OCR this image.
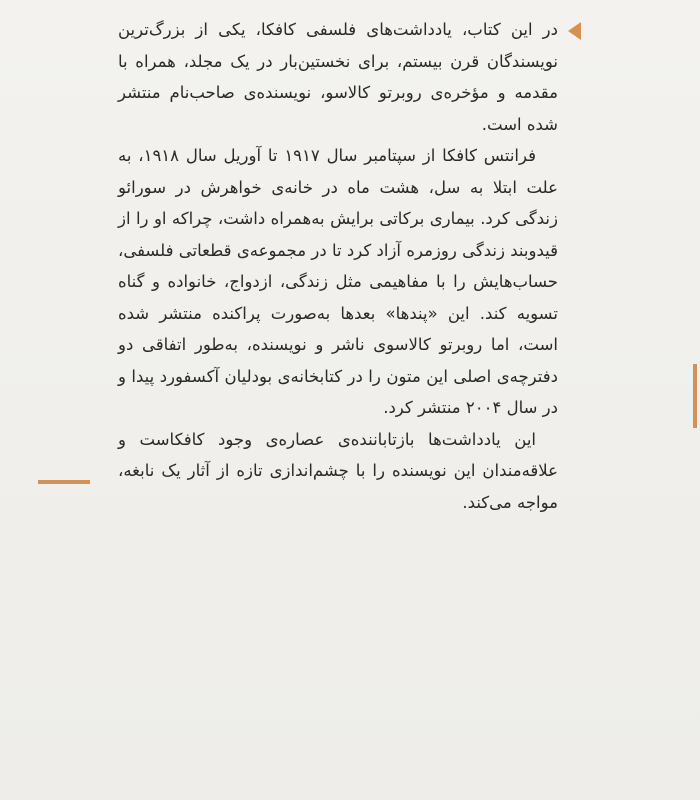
در این کتاب، یادداشت‌های فلسفی کافکا، یکی از بزرگ‌ترین نویسندگان قرن بیستم، برای نخستین‌بار در یک مجلد، همراه با مقدمه و مؤخره‌ی روبرتو کالاسو، نویسنده‌ی صاحب‌نام منتشر شده است.

فرانتس کافکا از سپتامبر سال ۱۹۱۷ تا آوریل سال ۱۹۱۸، به علت ابتلا به سل، هشت ماه در خانه‌ی خواهرش در سورائو زندگی کرد. بیماری برکاتی برایش به‌همراه داشت، چراکه او را از قیدوبند زندگی روزمره آزاد کرد تا در مجموعه‌ی قطعاتی فلسفی، حساب‌هایش را با مفاهیمی مثل زندگی، ازدواج، خانواده و گناه تسویه کند. این «پندها» بعدها به‌صورت پراکنده منتشر شده است، اما روبرتو کالاسوی ناشر و نویسنده، به‌طور اتفاقی دو دفترچه‌ی اصلی این متون را در کتابخانه‌ی بودلیان آکسفورد پیدا و در سال ۲۰۰۴ منتشر کرد.

این یادداشت‌ها بازتاباننده‌ی عصاره‌ی وجود کافکاست و علاقه‌مندان این نویسنده را با چشم‌اندازی تازه از آثار یک نابغه، مواجه می‌کند.
